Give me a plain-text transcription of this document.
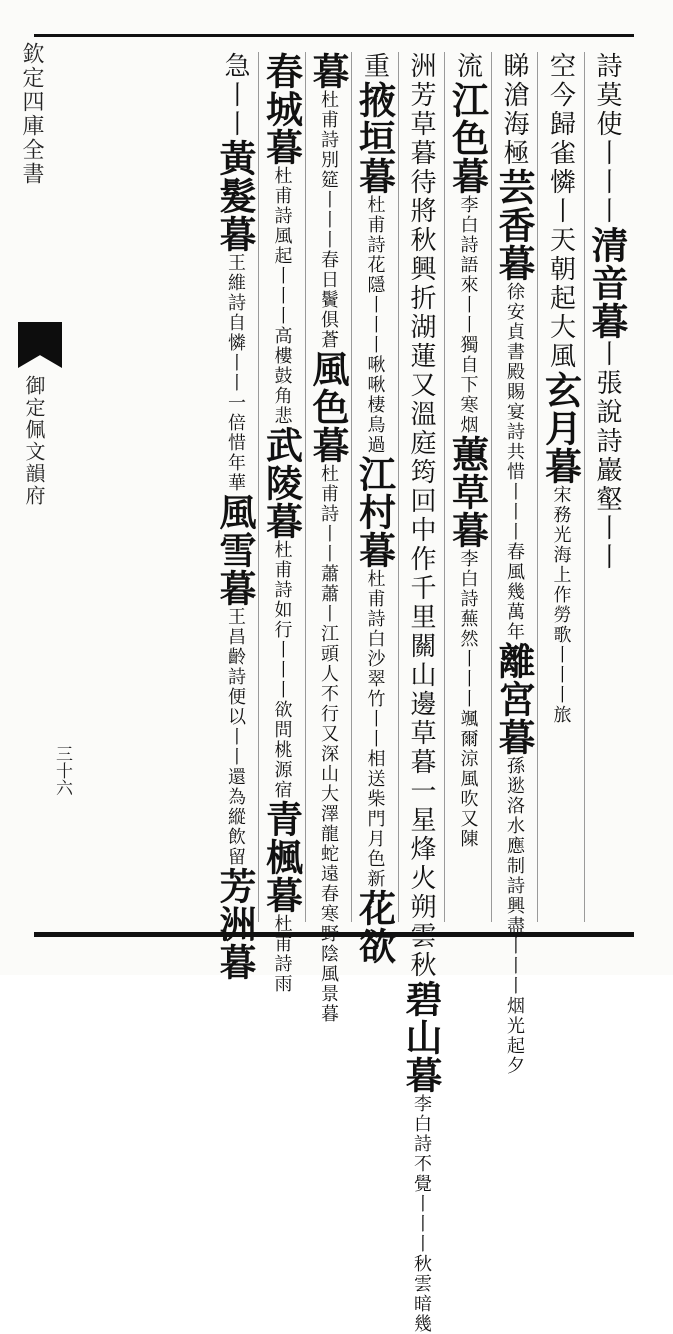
欽定四庫全書
御定佩文韻府
三十六
詩莫使丨丨丨清音暮丨張說詩巖壑丨丨
空今歸雀憐丨天朝起大風玄月暮宋務光海上作勞歌丨丨丨旅
睇滄海極芸香暮徐安貞書殿賜宴詩共惜丨丨丨春風幾萬年離宮暮孫逖洛水應制詩興盡丨丨丨烟光起夕
流江色暮李白詩語來丨丨獨自下寒烟蕙草暮李白詩蕪然丨丨丨颯爾涼風吹又陳
洲芳草暮待將秋興折湖蓮又溫庭筠回中作千里關山邊草暮一星烽火朔雲秋碧山暮李白詩不覺丨丨丨秋雲暗幾
重掖垣暮杜甫詩花隱丨丨丨啾啾棲鳥過江村暮杜甫詩白沙翠竹丨丨相送柴門月色新花欲
暮杜甫詩別筵丨丨丨春日鬢俱蒼風色暮杜甫詩丨丨蕭蕭丨江頭人不行又深山大澤龍蛇遠春寒野陰風景暮
春城暮杜甫詩風起丨丨丨高樓鼓角悲武陵暮杜甫詩如行丨丨丨欲問桃源宿青楓暮杜甫詩雨
急丨丨黃髮暮王維詩自憐丨丨一倍惜年華風雪暮王昌齡詩便以丨丨還為縱飲留芳洲暮
